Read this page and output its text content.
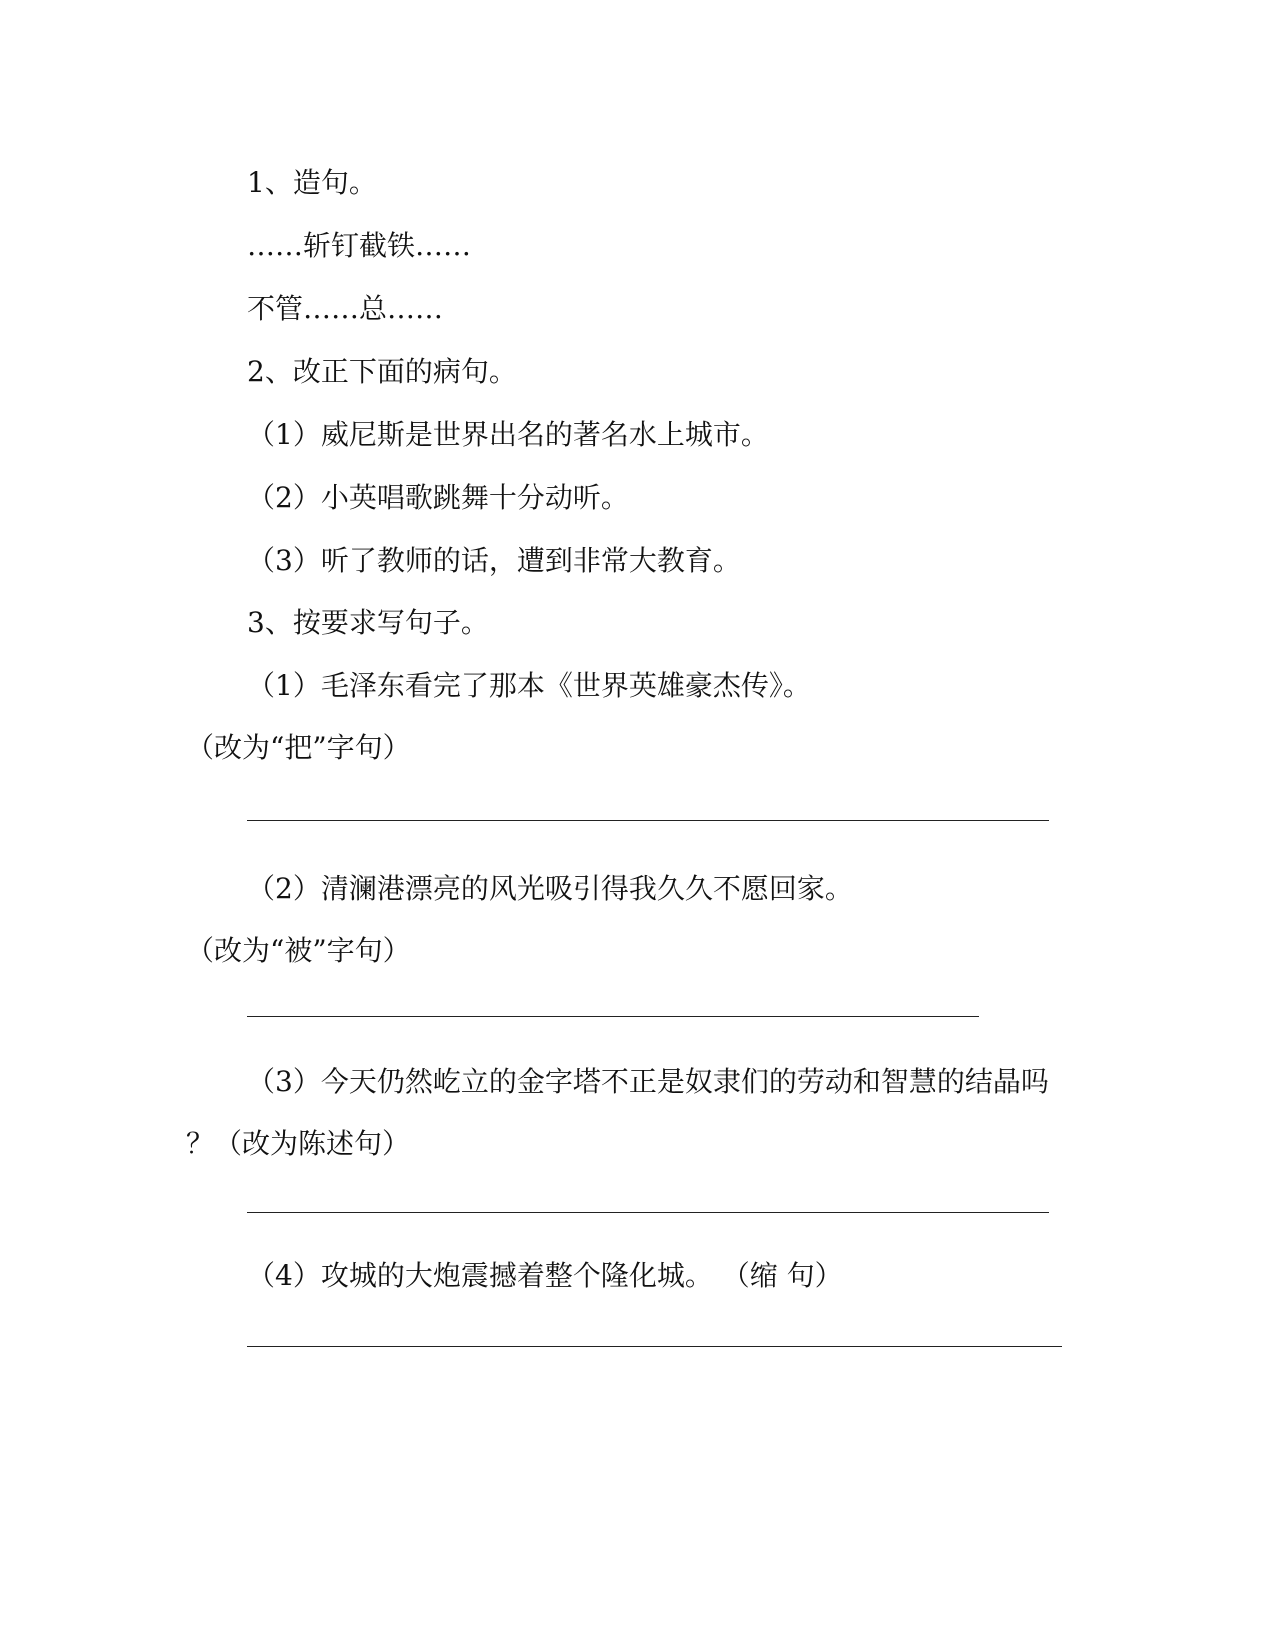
1、造句。
……斩钉截铁……
不管……总……
2、改正下面的病句。
（1）威尼斯是世界出名的著名水上城市。
（2）小英唱歌跳舞十分动听。
（3）听了教师的话，遭到非常大教育。
3、按要求写句子。
（1）毛泽东看完了那本《世界英雄豪杰传》。
（改为“把”字句）
（2）清澜港漂亮的风光吸引得我久久不愿回家。
（改为“被”字句）
（3）今天仍然屹立的金字塔不正是奴隶们的劳动和智慧的结晶吗
？（改为陈述句）
（4）攻城的大炮震撼着整个隆化城。 （缩 句）
